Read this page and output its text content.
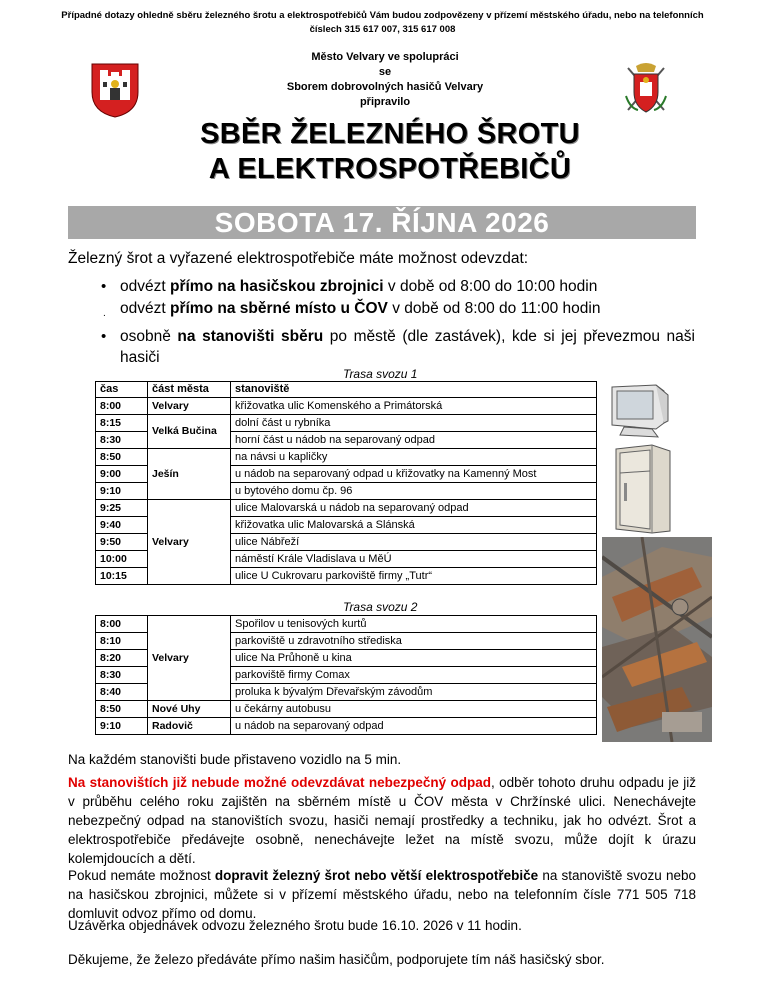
Případné dotazy ohledně sběru železného šrotu a elektrospotřebičů Vám budou zodpovězeny v přízemí městského úřadu, nebo na telefonních číslech 315 617 007, 315 617 008
Město Velvary ve spolupráci
se
Sborem dobrovolných hasičů Velvary
připravilo
SBĚR ŽELEZNÉHO ŠROTU
A ELEKTROSPOTŘEBIČŮ
SOBOTA 17. ŘÍJNA 2026
Železný šrot a vyřazené elektrospotřebiče máte možnost odevzdat:
• odvézt přímo na hasičskou zbrojnici v době od 8:00 do 10:00 hodin
. odvézt přímo na sběrné místo u ČOV v době od 8:00 do 11:00 hodin
• osobně na stanovišti sběru po městě (dle zastávek), kde si jej převezmou naši hasiči
Trasa svozu 1
čas	část města	stanoviště
8:00	Velvary	křižovatka ulic Komenského a Primátorská
8:15	Velká Bučina	dolní část u rybníka
8:30		horní část u nádob na separovaný odpad
8:50	Ješín	na návsi u kapličky
9:00		u nádob na separovaný odpad u křižovatky na Kamenný Most
9:10		u bytového domu čp. 96
9:25	Velvary	ulice Malovarská u nádob na separovaný odpad
9:40		křižovatka ulic Malovarská a Slánská
9:50		ulice Nábřeží
10:00		náměstí Krále Vladislava u MěÚ
10:15		ulice U Cukrovaru parkoviště firmy „Tutr“
Trasa svozu 2
8:00	Velvary	Spořilov u tenisových kurtů
8:10		parkoviště u zdravotního střediska
8:20		ulice Na Průhoně u kina
8:30		parkoviště firmy Comax
8:40		proluka k bývalým Dřevařským závodům
8:50	Nové Uhy	u čekárny autobusu
9:10	Radovič	u nádob na separovaný odpad
Na každém stanovišti bude přistaveno vozidlo na 5 min.
Na stanovištích již nebude možné odevzdávat nebezpečný odpad, odběr tohoto druhu odpadu je již v průběhu celého roku zajištěn na sběrném místě u ČOV města v Chržínské ulici. Nenechávejte nebezpečný odpad na stanovištích svozu, hasiči nemají prostředky a techniku, jak ho odvézt. Šrot a elektrospotřebiče předávejte osobně, nenechávejte ležet na místě svozu, může dojít k úrazu kolemjdoucích a dětí.
Pokud nemáte možnost dopravit železný šrot nebo větší elektrospotřebiče na stanoviště svozu nebo na hasičskou zbrojnici, můžete si v přízemí městského úřadu, nebo na telefonním čísle 771 505 718 domluvit odvoz přímo od domu.
Uzávěrka objednávek odvozu železného šrotu bude 16.10. 2026 v 11 hodin.
Děkujeme, že železo předáváte přímo našim hasičům, podporujete tím náš hasičský sbor.
